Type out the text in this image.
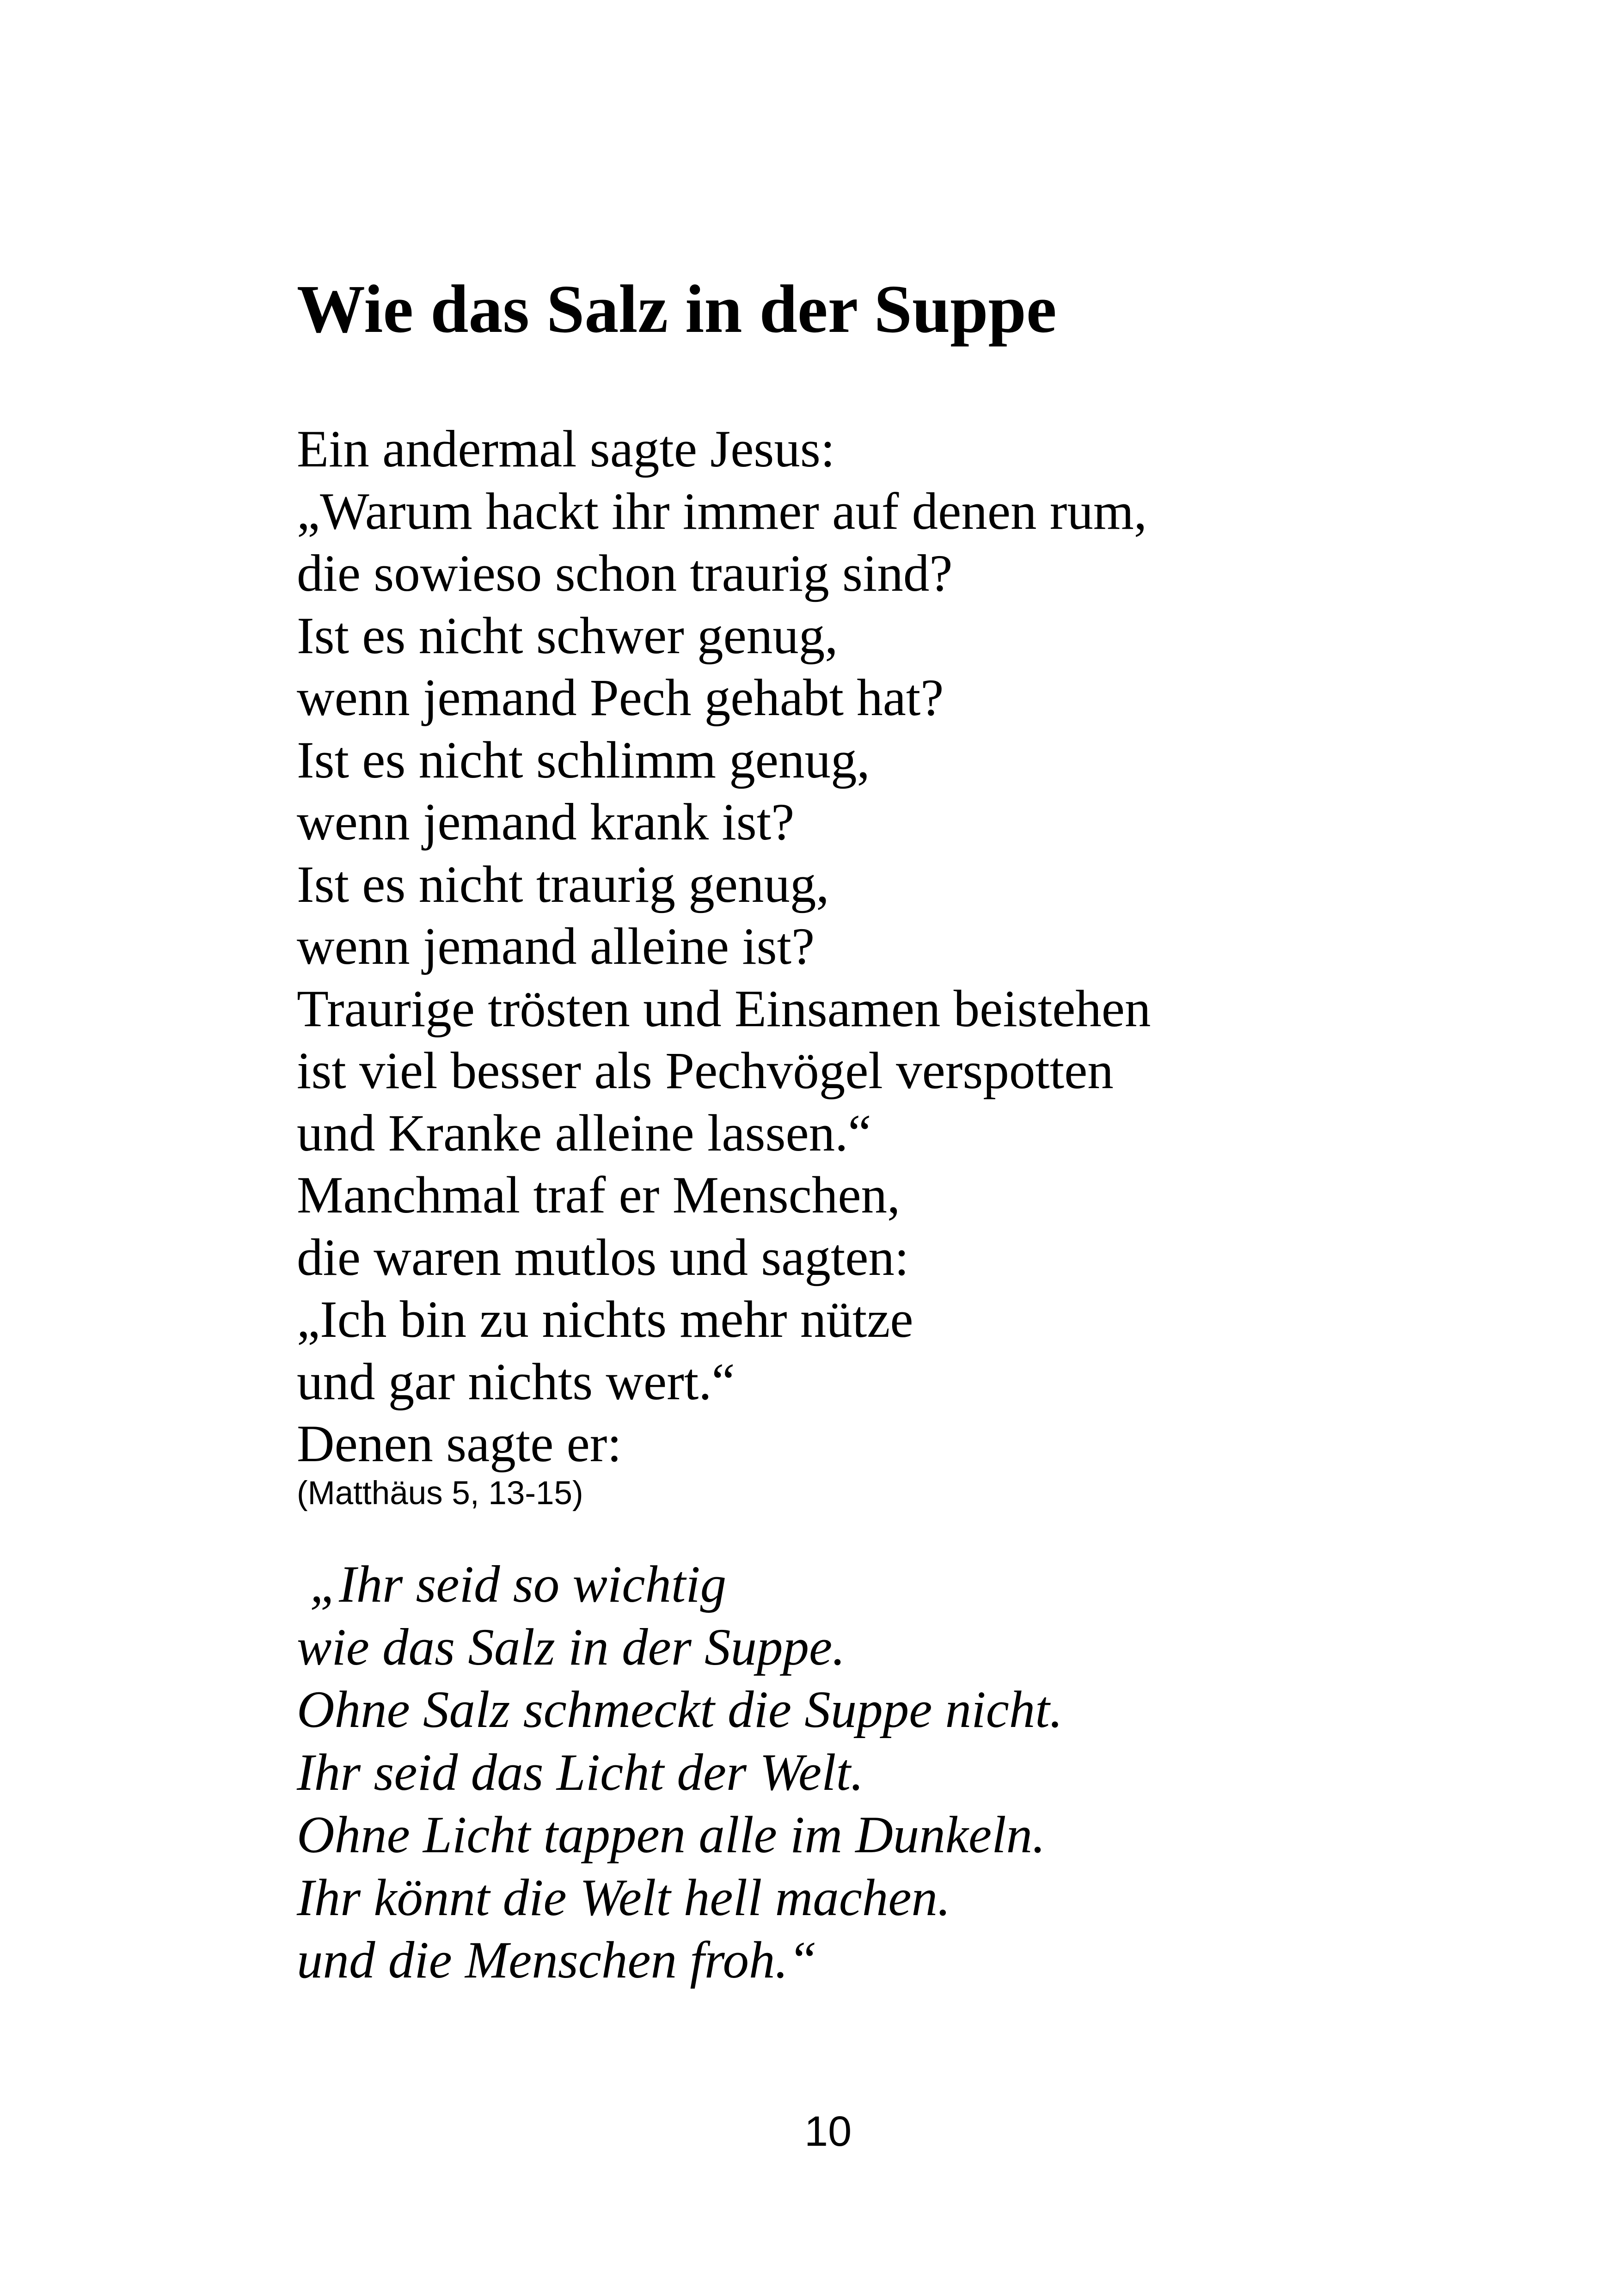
Wie das Salz in der Suppe
Ein andermal sagte Jesus:
„Warum hackt ihr immer auf denen rum,
die sowieso schon traurig sind?
Ist es nicht schwer genug,
wenn jemand Pech gehabt hat?
Ist es nicht schlimm genug,
wenn jemand krank ist?
Ist es nicht traurig genug,
wenn jemand alleine ist?
Traurige trösten und Einsamen beistehen
ist viel besser als Pechvögel verspotten
und Kranke alleine lassen.“
Manchmal traf er Menschen,
die waren mutlos und sagten:
„Ich bin zu nichts mehr nütze
und gar nichts wert.“
Denen sagte er:

(Matthäus 5, 13-15)

„Ihr seid so wichtig
wie das Salz in der Suppe.
Ohne Salz schmeckt die Suppe nicht.
Ihr seid das Licht der Welt.
Ohne Licht tappen alle im Dunkeln.
Ihr könnt die Welt hell machen.
und die Menschen froh.“

10
